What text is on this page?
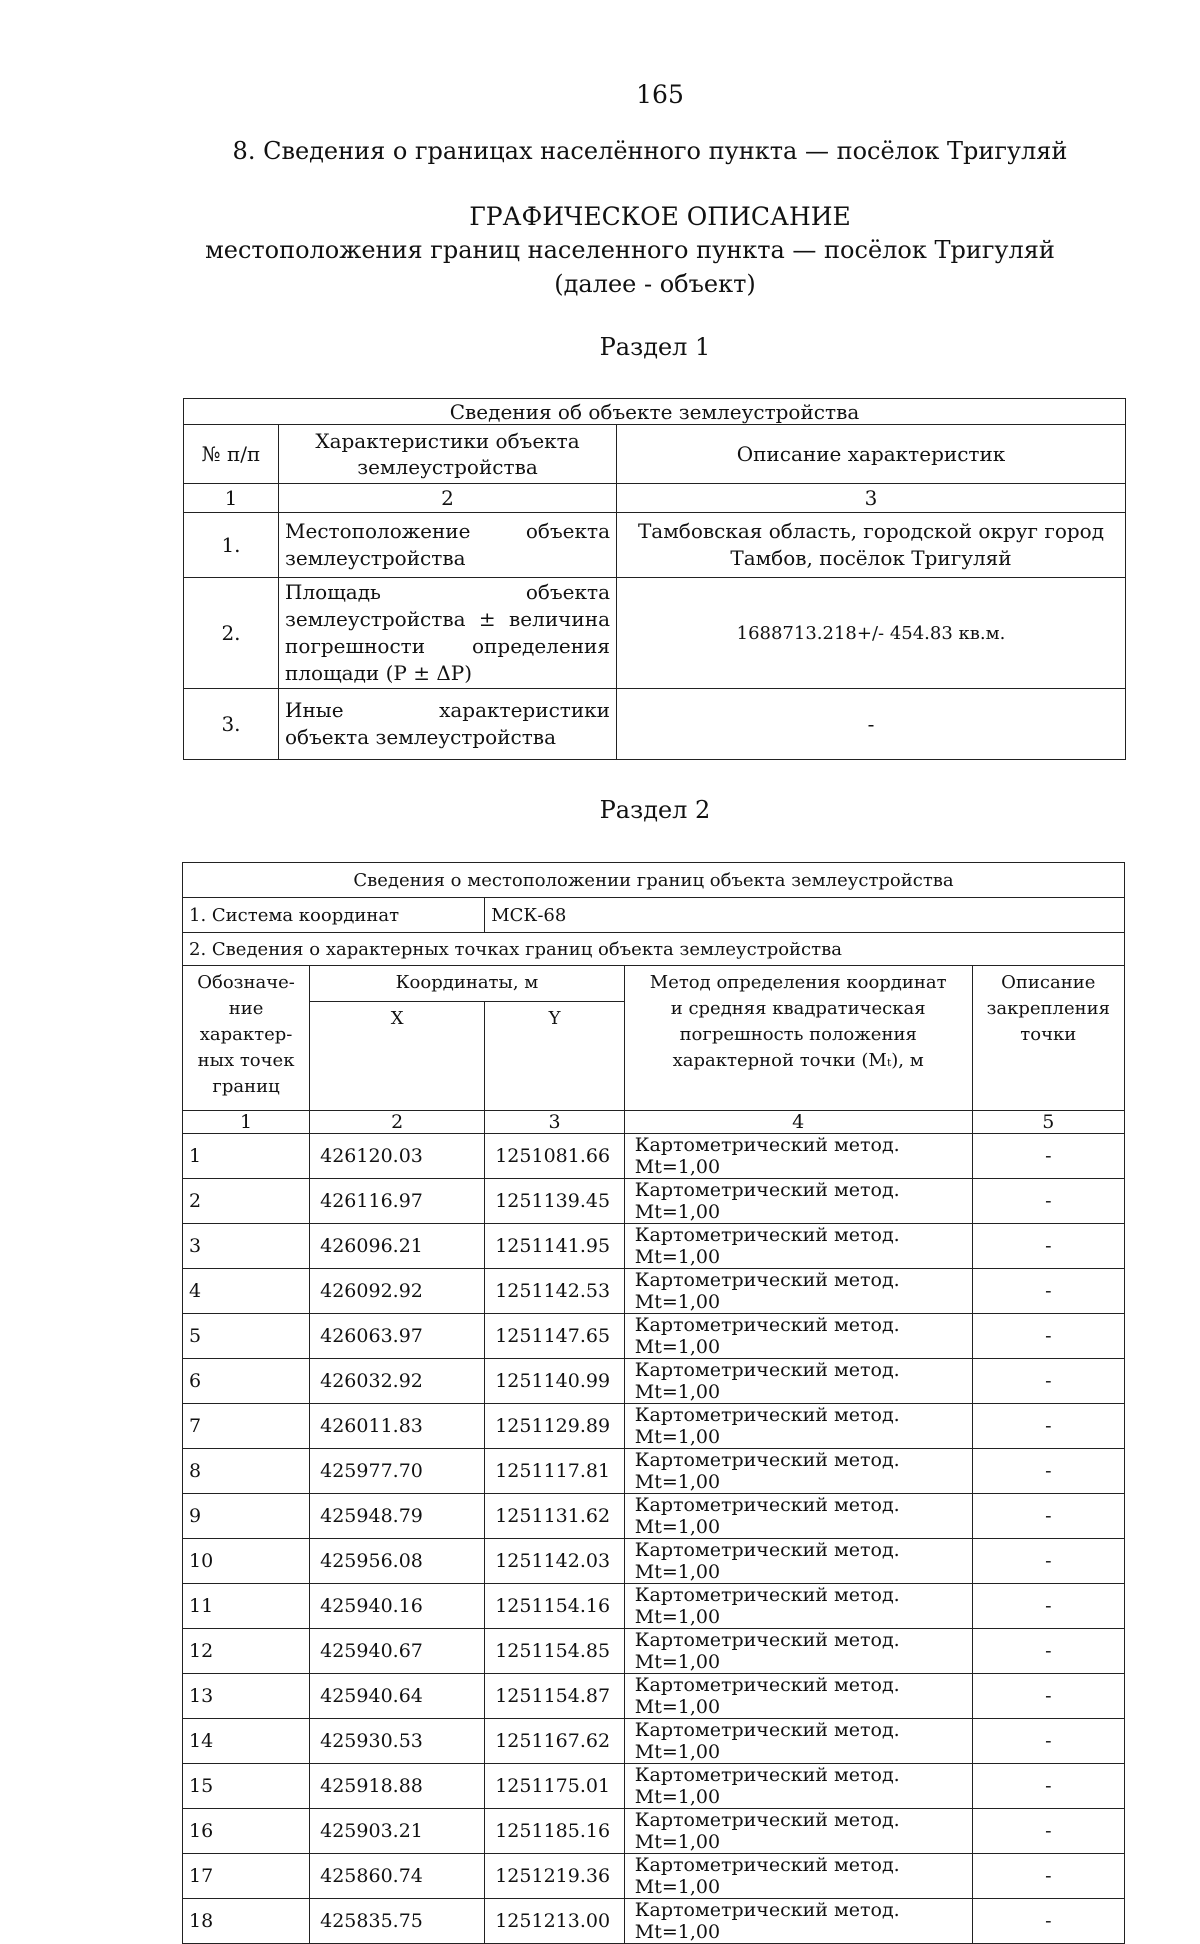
165
8. Сведения о границах населённого пункта — посёлок Тригуляй
ГРАФИЧЕСКОЕ ОПИСАНИЕ
местоположения границ населенного пункта — посёлок Тригуляй
(далее - объект)
Раздел 1
Сведения об объекте землеустройства		
№ п/п	Характеристики объекта землеустройства	Описание характеристик
1	2	3
1.	Местоположение объекта землеустройства	Тамбовская область, городской округ город Тамбов, посёлок Тригуляй
2.	Площадь объекта землеустройства ± величина погрешности определения площади (P ± ΔP)	1688713.218+/- 454.83 кв.м.
3.	Иные характеристики объекта землеустройства	-
Раздел 2
Сведения о местоположении границ объекта землеустройства				
1. Система координат		МСК-68		
2. Сведения о характерных точках границ объекта землеустройства				
Обозначе-ние характер-ных точек границ	Координаты, м		Метод определения координат и средняя квадратическая погрешность положения характерной точки (Mₜ), м	Описание закрепления точки
	X	Y		
1	2	3	4	5
1	426120.03	1251081.66	Картометрический метод. Mt=1,00	-
2	426116.97	1251139.45	Картометрический метод. Mt=1,00	-
3	426096.21	1251141.95	Картометрический метод. Mt=1,00	-
4	426092.92	1251142.53	Картометрический метод. Mt=1,00	-
5	426063.97	1251147.65	Картометрический метод. Mt=1,00	-
6	426032.92	1251140.99	Картометрический метод. Mt=1,00	-
7	426011.83	1251129.89	Картометрический метод. Mt=1,00	-
8	425977.70	1251117.81	Картометрический метод. Mt=1,00	-
9	425948.79	1251131.62	Картометрический метод. Mt=1,00	-
10	425956.08	1251142.03	Картометрический метод. Mt=1,00	-
11	425940.16	1251154.16	Картометрический метод. Mt=1,00	-
12	425940.67	1251154.85	Картометрический метод. Mt=1,00	-
13	425940.64	1251154.87	Картометрический метод. Mt=1,00	-
14	425930.53	1251167.62	Картометрический метод. Mt=1,00	-
15	425918.88	1251175.01	Картометрический метод. Mt=1,00	-
16	425903.21	1251185.16	Картометрический метод. Mt=1,00	-
17	425860.74	1251219.36	Картометрический метод. Mt=1,00	-
18	425835.75	1251213.00	Картометрический метод. Mt=1,00	-
